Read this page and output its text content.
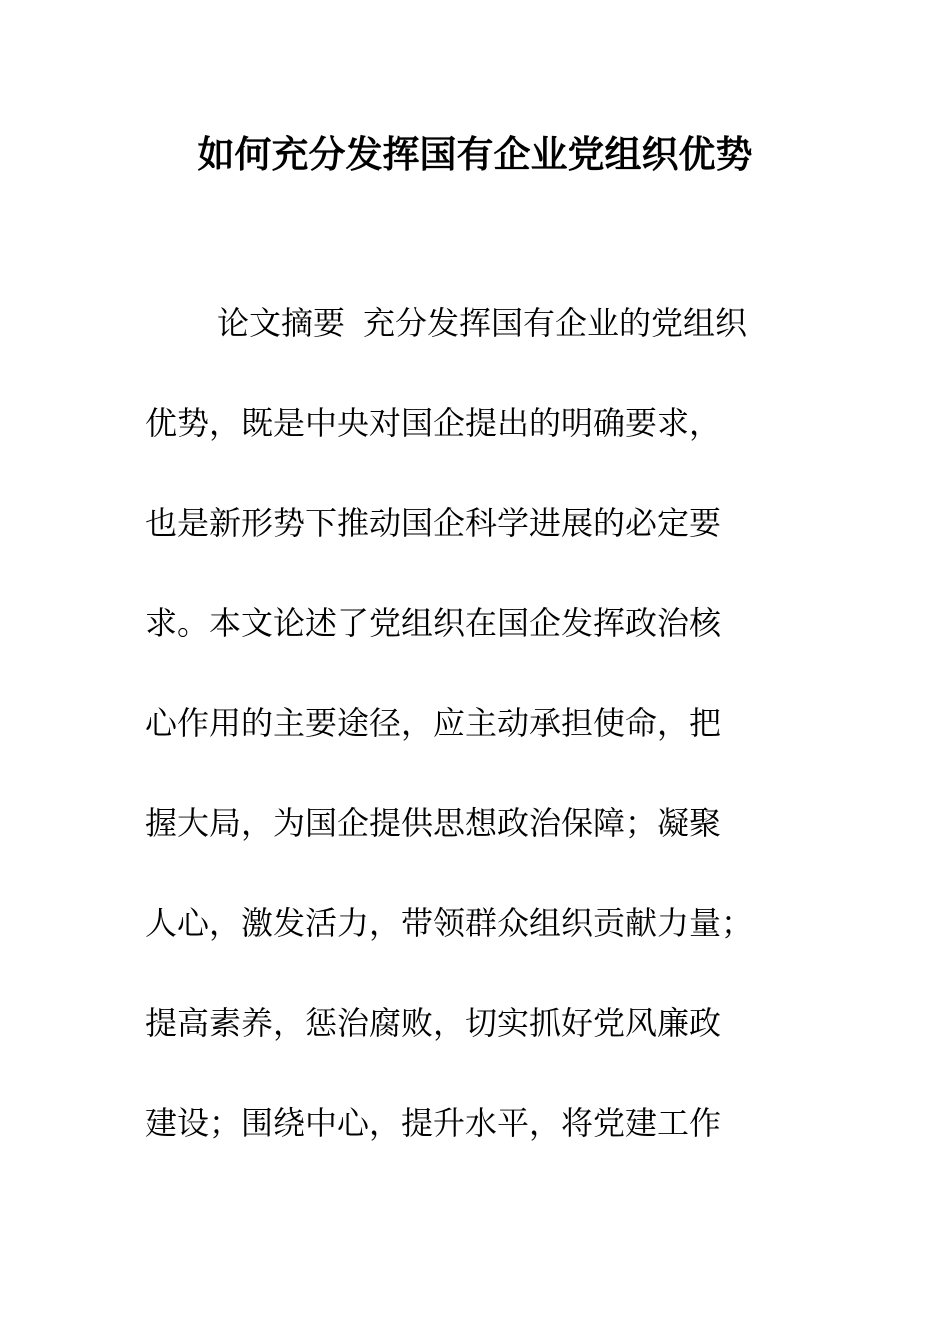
如何充分发挥国有企业党组织优势
论文摘要 充分发挥国有企业的党组织
优势，既是中央对国企提出的明确要求，
也是新形势下推动国企科学进展的必定要
求。本文论述了党组织在国企发挥政治核
心作用的主要途径，应主动承担使命，把
握大局，为国企提供思想政治保障；凝聚
人心，激发活力，带领群众组织贡献力量；
提高素养，惩治腐败，切实抓好党风廉政
建设；围绕中心，提升水平，将党建工作
